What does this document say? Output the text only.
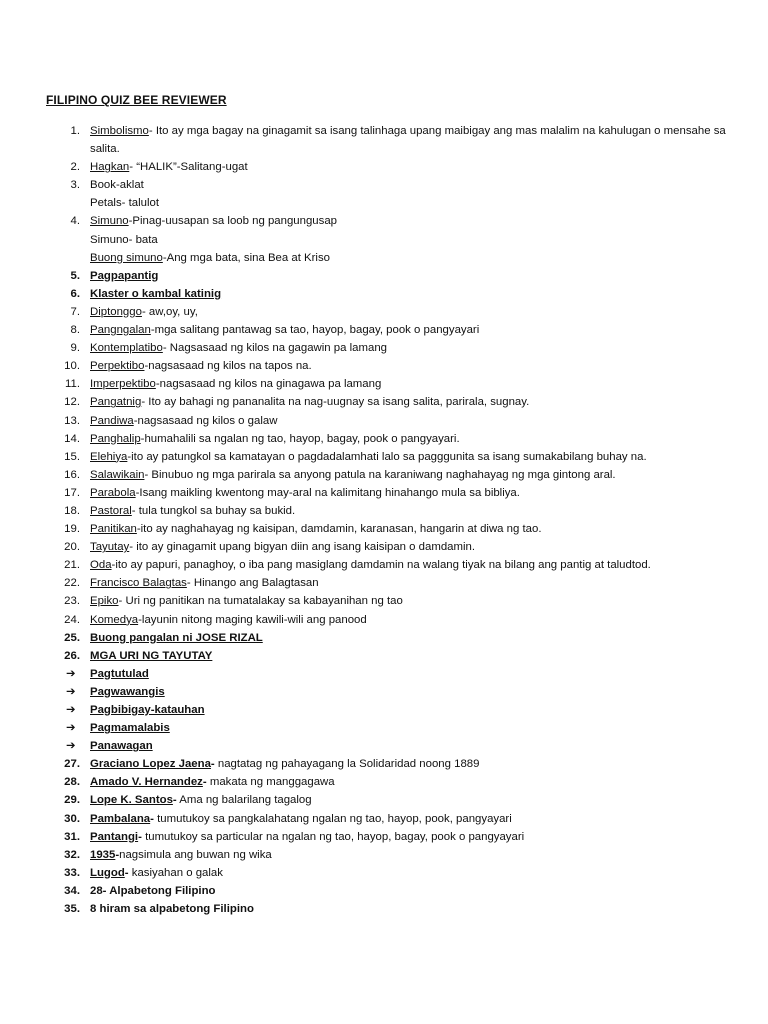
FILIPINO QUIZ BEE REVIEWER
1. Simbolismo- Ito ay mga bagay na ginagamit sa isang talinhaga upang maibigay ang mas malalim na kahulugan o mensahe sa
salita.
2. Hagkan- “HALIK”-Salitang-ugat
3. Book-aklat
Petals- talulot
4. Simuno-Pinag-uusapan sa loob ng pangungusap
Simuno- bata
Buong simuno-Ang mga bata, sina Bea at Kriso
5. Pagpapantig
6. Klaster o kambal katinig
7. Diptonggo- aw,oy, uy,
8. Pangngalan-mga salitang pantawag sa tao, hayop, bagay, pook o pangyayari
9. Kontemplatibo- Nagsasaad ng kilos na gagawin pa lamang
10. Perpektibo-nagsasaad ng kilos na tapos na.
11. Imperpektibo-nagsasaad ng kilos na ginagawa pa lamang
12. Pangatnig- Ito ay bahagi ng pananalita na nag-uugnay sa isang salita, parirala, sugnay.
13. Pandiwa-nagsasaad ng kilos o galaw
14. Panghalip-humahalili sa ngalan ng tao, hayop, bagay, pook o pangyayari.
15. Elehiya-ito ay patungkol sa kamatayan o pagdadalamhati lalo sa pagggunita sa isang sumakabilang buhay na.
16. Salawikain- Binubuo ng mga parirala sa anyong patula na karaniwang naghahayag ng mga gintong aral.
17. Parabola-Isang maikling kwentong may-aral na kalimitang hinahango mula sa bibliya.
18. Pastoral- tula tungkol sa buhay sa bukid.
19. Panitikan-ito ay naghahayag ng kaisipan, damdamin, karanasan, hangarin at diwa ng tao.
20. Tayutay- ito ay ginagamit upang bigyan diin ang isang kaisipan o damdamin.
21. Oda-ito ay papuri, panaghoy, o iba pang masiglang damdamin na walang tiyak na bilang ang pantig at taludtod.
22. Francisco Balagtas- Hinango ang Balagtasan
23. Epiko- Uri ng panitikan na tumatalakay sa kabayanihan ng tao
24. Komedya-layunin nitong maging kawili-wili ang panood
25. Buong pangalan ni JOSE RIZAL
26. MGA URI NG TAYUTAY
➔	Pagtutulad
➔	Pagwawangis
➔	Pagbibigay-katauhan
➔	Pagmamalabis
➔	Panawagan
27. Graciano Lopez Jaena- nagtatag ng pahayagang la Solidaridad noong 1889
28. Amado V. Hernandez- makata ng manggagawa
29. Lope K. Santos- Ama ng balarilang tagalog
30. Pambalana- tumutukoy sa pangkalahatang ngalan ng tao, hayop, pook, pangyayari
31. Pantangi- tumutukoy sa particular na ngalan ng tao, hayop, bagay, pook o pangyayari
32. 1935-nagsimula ang buwan ng wika
33. Lugod- kasiyahan o galak
34. 28- Alpabetong Filipino
35. 8 hiram sa alpabetong Filipino
